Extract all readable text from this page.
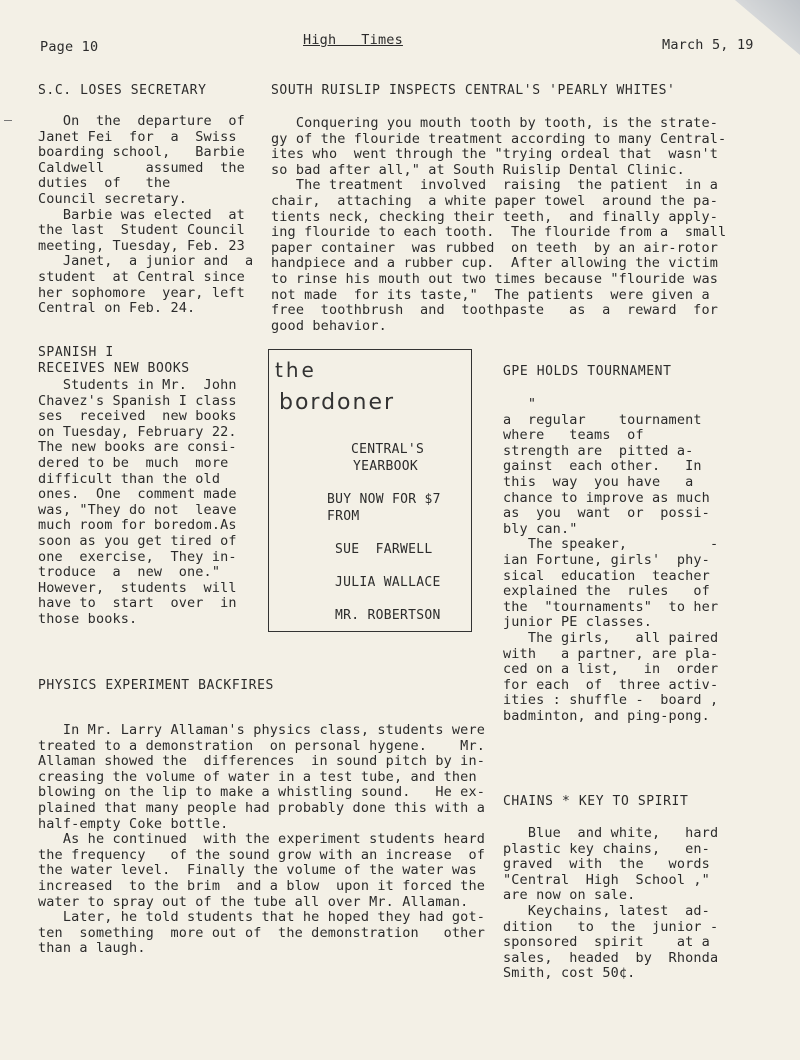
Page 10	High   Times	March 5, 19
S.C. LOSES SECRETARY
On  the  departure  of
Janet Fei  for  a  Swiss
boarding school,   Barbie
Caldwell     assumed  the
duties  of   the
Council secretary.
Barbie was elected  at
the last  Student Council
meeting, Tuesday, Feb. 23
Janet,  a junior and  a
student  at Central since
her sophomore  year, left
Central on Feb. 24.
SOUTH RUISLIP INSPECTS CENTRAL'S 'PEARLY WHITES'
Conquering you mouth tooth by tooth, is the strate-
gy of the flouride treatment according to many Central-
ites who  went through the "trying ordeal that  wasn't
so bad after all," at South Ruislip Dental Clinic.
The treatment  involved  raising  the patient  in a
chair,  attaching  a white paper towel  around the pa-
tients neck, checking their teeth,  and finally apply-
ing flouride to each tooth.  The flouride from a  small
paper container  was rubbed  on teeth  by an air-rotor
handpiece and a rubber cup.  After allowing the victim
to rinse his mouth out two times because "flouride was
not made  for its taste,"  The patients  were given a
free  toothbrush  and  toothpaste   as  a  reward  for
good behavior.
SPANISH I
RECEIVES NEW BOOKS
Students in Mr.  John
Chavez's Spanish I class
ses  received  new books
on Tuesday, February 22.
The new books are consi-
dered to be  much  more
difficult than the old
ones.  One  comment made
was, "They do not  leave
much room for boredom.As
soon as you get tired of
one  exercise,  They in-
troduce  a  new  one."
However,  students  will
have to  start  over  in
those books.
the
bordoner
CENTRAL'S
YEARBOOK
BUY NOW FOR $7
FROM
SUE  FARWELL
JULIA WALLACE
MR. ROBERTSON
GPE HOLDS TOURNAMENT
"
a  regular    tournament
where   teams  of
strength are  pitted a-
gainst  each other.   In
this  way  you have   a
chance to improve as much
as  you  want  or  possi-
bly can."
The speaker,          -
ian Fortune, girls'  phy-
sical  education  teacher
explained the  rules   of
the  "tournaments"  to her
junior PE classes.
The girls,   all paired
with   a partner, are pla-
ced on a list,   in  order
for each  of  three activ-
ities : shuffle -  board ,
badminton, and ping-pong.
PHYSICS EXPERIMENT BACKFIRES
In Mr. Larry Allaman's physics class, students were
treated to a demonstration  on personal hygene.    Mr.
Allaman showed the  differences  in sound pitch by in-
creasing the volume of water in a test tube, and then
blowing on the lip to make a whistling sound.   He ex-
plained that many people had probably done this with a
half-empty Coke bottle.
As he continued  with the experiment students heard
the frequency   of the sound grow with an increase  of
the water level.  Finally the volume of the water was
increased  to the brim  and a blow  upon it forced the
water to spray out of the tube all over Mr. Allaman.
Later, he told students that he hoped they had got-
ten  something  more out of  the demonstration   other
than a laugh.
CHAINS * KEY TO SPIRIT
Blue  and white,   hard
plastic key chains,   en-
graved  with  the   words
"Central  High  School ,"
are now on sale.
Keychains, latest  ad-
dition   to  the  junior -
sponsored  spirit    at a
sales,  headed  by  Rhonda
Smith, cost 50¢.
